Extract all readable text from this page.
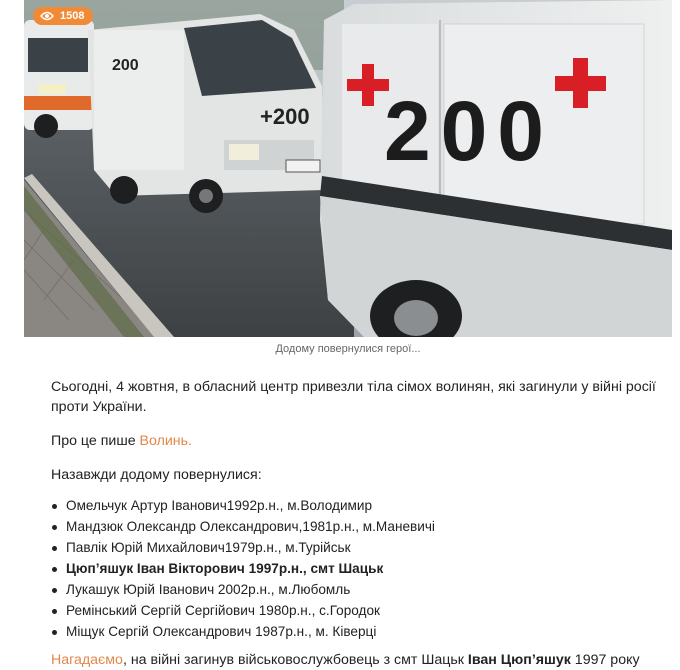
200
+200 200
1508
Додому повернулися герої...

Сьогодні, 4 жовтня, в обласний центр привезли тіла сімох волинян, які загинули у війні росії проти України.

Про це пише Волинь.

Назавжди додому повернулися:

Омельчук Артур Іванович1992р.н., м.Володимир
Мандзюк Олександр Олександрович,1981р.н., м.Маневичі
Павлік Юрій Михайлович1979р.н., м.Турійськ
Цюп’яшук Іван Вікторович 1997р.н., смт Шацьк
Лукашук Юрій Іванович 2002р.н., м.Любомль
Ремінський Сергій Сергійович 1980р.н., с.Городок
Міщук Сергій Олександрович 1987р.н., м. Ківерці

Нагадаємо, на війні загинув військовослужбовець з смт Шацьк Іван Цюп’яшук 1997 року
